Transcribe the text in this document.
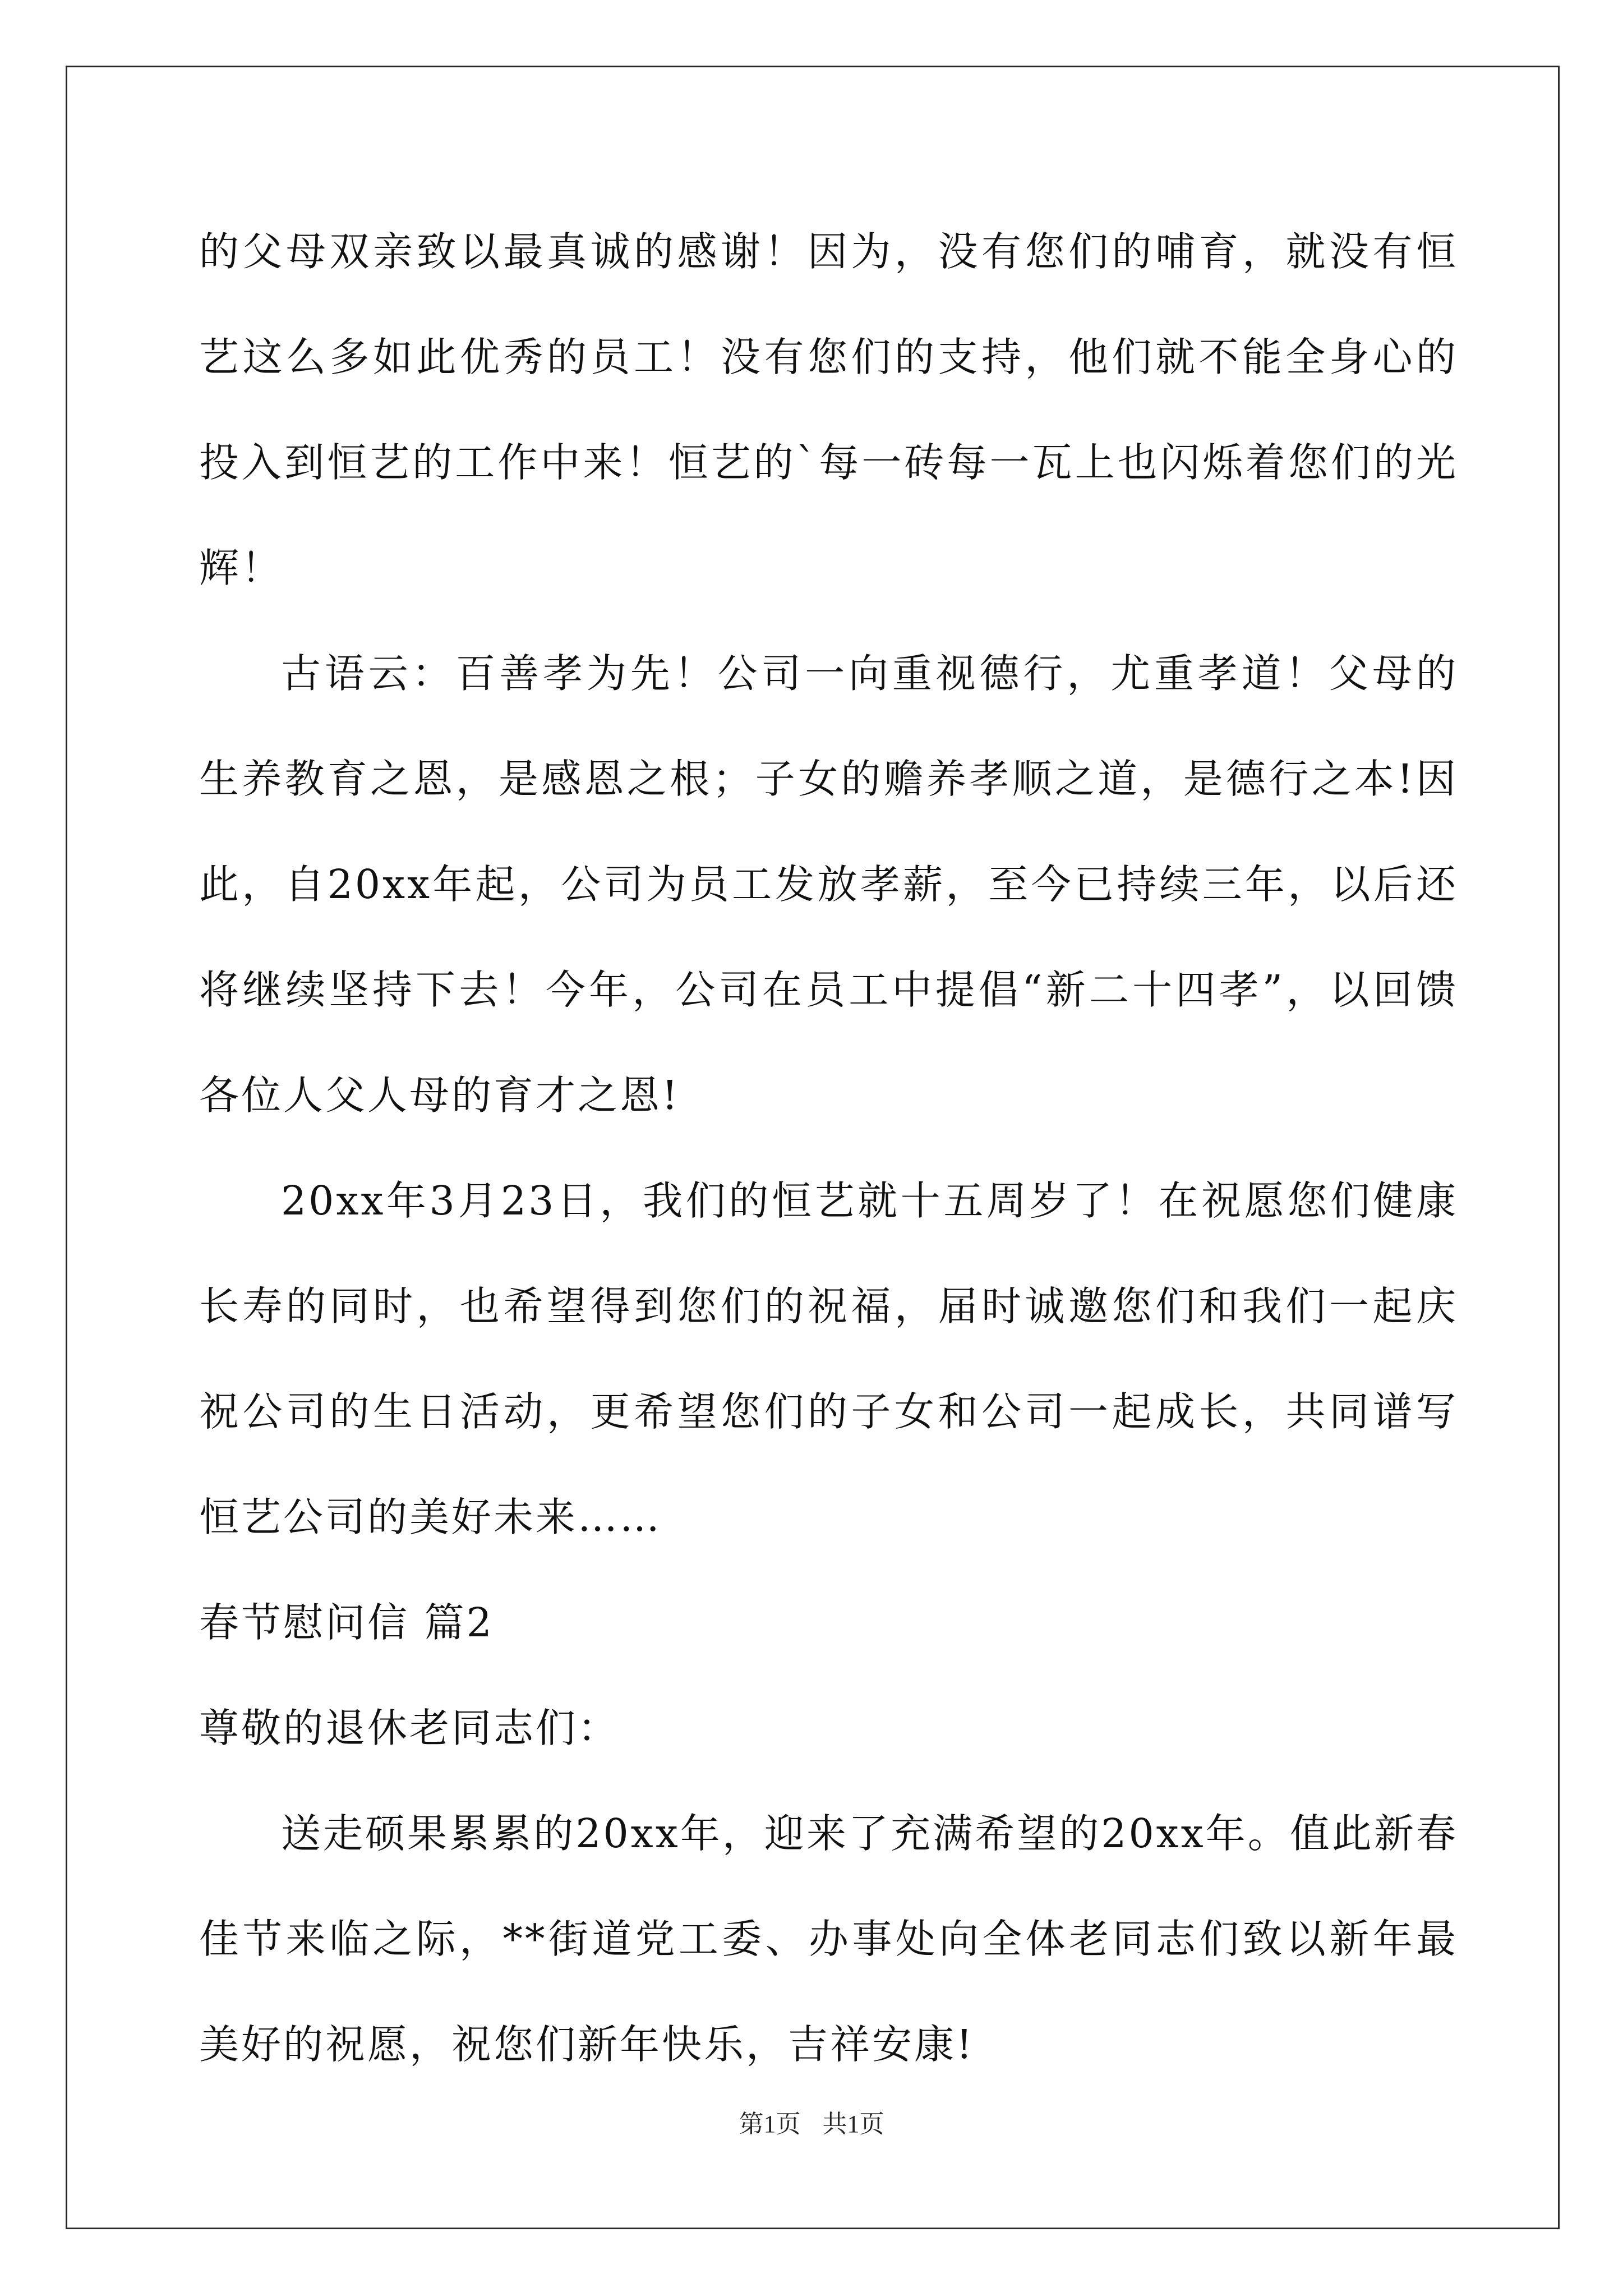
的父母双亲致以最真诚的感谢！因为，没有您们的哺育，就没有恒艺这么多如此优秀的员工！没有您们的支持，他们就不能全身心的投入到恒艺的工作中来！恒艺的`每一砖每一瓦上也闪烁着您们的光辉！

古语云：百善孝为先！公司一向重视德行，尤重孝道！父母的生养教育之恩，是感恩之根；子女的赡养孝顺之道，是德行之本!因此，自20xx年起，公司为员工发放孝薪，至今已持续三年，以后还将继续坚持下去！今年，公司在员工中提倡“新二十四孝”，以回馈各位人父人母的育才之恩!

20xx年3月23日，我们的恒艺就十五周岁了！在祝愿您们健康长寿的同时，也希望得到您们的祝福，届时诚邀您们和我们一起庆祝公司的生日活动，更希望您们的子女和公司一起成长，共同谱写恒艺公司的美好未来……

春节慰问信 篇2

尊敬的退休老同志们：

送走硕果累累的20xx年，迎来了充满希望的20xx年。值此新春佳节来临之际，**街道党工委、办事处向全体老同志们致以新年最美好的祝愿，祝您们新年快乐，吉祥安康!

第1页 共1页
